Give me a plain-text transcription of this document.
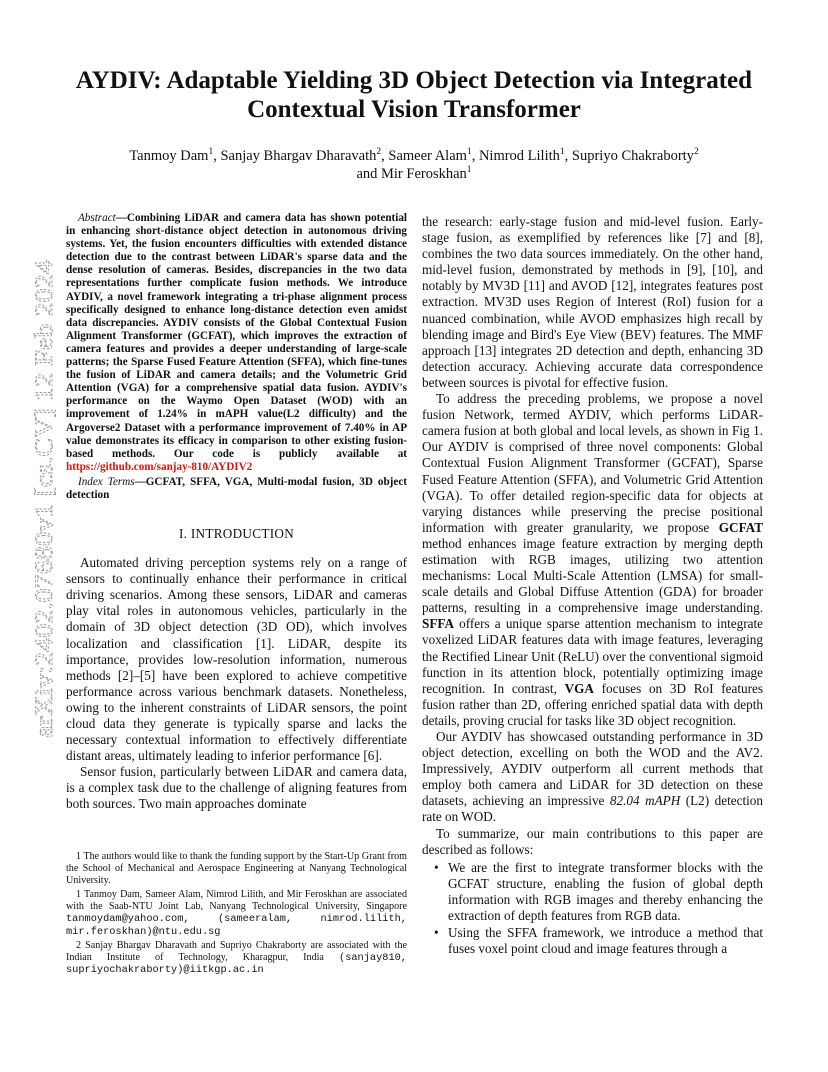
arXiv:2402.07680v1 [cs.CV] 12 Feb 2024
AYDIV: Adaptable Yielding 3D Object Detection via Integrated Contextual Vision Transformer
Tanmoy Dam$^1$, Sanjay Bhargav Dharavath$^2$, Sameer Alam$^1$, Nimrod Lilith$^1$, Supriyo Chakraborty$^2$
and Mir Feroskhan$^1$

Abstract—Combining LiDAR and camera data has shown potential in enhancing short-distance object detection in autonomous driving systems. Yet, the fusion encounters difficulties with extended distance detection due to the contrast between LiDAR's sparse data and the dense resolution of cameras. Besides, discrepancies in the two data representations further complicate fusion methods. We introduce AYDIV, a novel framework integrating a tri-phase alignment process specifically designed to enhance long-distance detection even amidst data discrepancies. AYDIV consists of the Global Contextual Fusion Alignment Transformer (GCFAT), which improves the extraction of camera features and provides a deeper understanding of large-scale patterns; the Sparse Fused Feature Attention (SFFA), which fine-tunes the fusion of LiDAR and camera details; and the Volumetric Grid Attention (VGA) for a comprehensive spatial data fusion. AYDIV's performance on the Waymo Open Dataset (WOD) with an improvement of 1.24% in mAPH value(L2 difficulty) and the Argoverse2 Dataset with a performance improvement of 7.40% in AP value demonstrates its efficacy in comparison to other existing fusion-based methods. Our code is publicly available at https://github.com/sanjay-810/AYDIV2

Index Terms—GCFAT, SFFA, VGA, Multi-modal fusion, 3D object detection

I. INTRODUCTION

Automated driving perception systems rely on a range of sensors to continually enhance their performance in critical driving scenarios. Among these sensors, LiDAR and cameras play vital roles in autonomous vehicles, particularly in the domain of 3D object detection (3D OD), which involves localization and classification [1]. LiDAR, despite its importance, provides low-resolution information, numerous methods [2]–[5] have been explored to achieve competitive performance across various benchmark datasets. Nonetheless, owing to the inherent constraints of LiDAR sensors, the point cloud data they generate is typically sparse and lacks the necessary contextual information to effectively differentiate distant areas, ultimately leading to inferior performance [6].

Sensor fusion, particularly between LiDAR and camera data, is a complex task due to the challenge of aligning features from both sources. Two main approaches dominate

1 The authors would like to thank the funding support by the Start-Up Grant from the School of Mechanical and Aerospace Engineering at Nanyang Technological University.

1 Tanmoy Dam, Sameer Alam, Nimrod Lilith, and Mir Feroskhan are associated with the Saab-NTU Joint Lab, Nanyang Technological University, Singapore tanmoydam@yahoo.com, (sameeralam, nimrod.lilith, mir.feroskhan)@ntu.edu.sg

2 Sanjay Bhargav Dharavath and Supriyo Chakraborty are associated with the Indian Institute of Technology, Kharagpur, India (sanjay810, supriyochakraborty)@iitkgp.ac.in

the research: early-stage fusion and mid-level fusion. Early-stage fusion, as exemplified by references like [7] and [8], combines the two data sources immediately. On the other hand, mid-level fusion, demonstrated by methods in [9], [10], and notably by MV3D [11] and AVOD [12], integrates features post extraction. MV3D uses Region of Interest (RoI) fusion for a nuanced combination, while AVOD emphasizes high recall by blending image and Bird's Eye View (BEV) features. The MMF approach [13] integrates 2D detection and depth, enhancing 3D detection accuracy. Achieving accurate data correspondence between sources is pivotal for effective fusion.

To address the preceding problems, we propose a novel fusion Network, termed AYDIV, which performs LiDAR-camera fusion at both global and local levels, as shown in Fig 1. Our AYDIV is comprised of three novel components: Global Contextual Fusion Alignment Transformer (GCFAT), Sparse Fused Feature Attention (SFFA), and Volumetric Grid Attention (VGA). To offer detailed region-specific data for objects at varying distances while preserving the precise positional information with greater granularity, we propose GCFAT method enhances image feature extraction by merging depth estimation with RGB images, utilizing two attention mechanisms: Local Multi-Scale Attention (LMSA) for small-scale details and Global Diffuse Attention (GDA) for broader patterns, resulting in a comprehensive image understanding. SFFA offers a unique sparse attention mechanism to integrate voxelized LiDAR features data with image features, leveraging the Rectified Linear Unit (ReLU) over the conventional sigmoid function in its attention block, potentially optimizing image recognition. In contrast, VGA focuses on 3D RoI features fusion rather than 2D, offering enriched spatial data with depth details, proving crucial for tasks like 3D object recognition.

Our AYDIV has showcased outstanding performance in 3D object detection, excelling on both the WOD and the AV2. Impressively, AYDIV outperform all current methods that employ both camera and LiDAR for 3D detection on these datasets, achieving an impressive 82.04 mAPH (L2) detection rate on WOD.

To summarize, our main contributions to this paper are described as follows:

• We are the first to integrate transformer blocks with the GCFAT structure, enabling the fusion of global depth information with RGB images and thereby enhancing the extraction of depth features from RGB data.
• Using the SFFA framework, we introduce a method that fuses voxel point cloud and image features through a
